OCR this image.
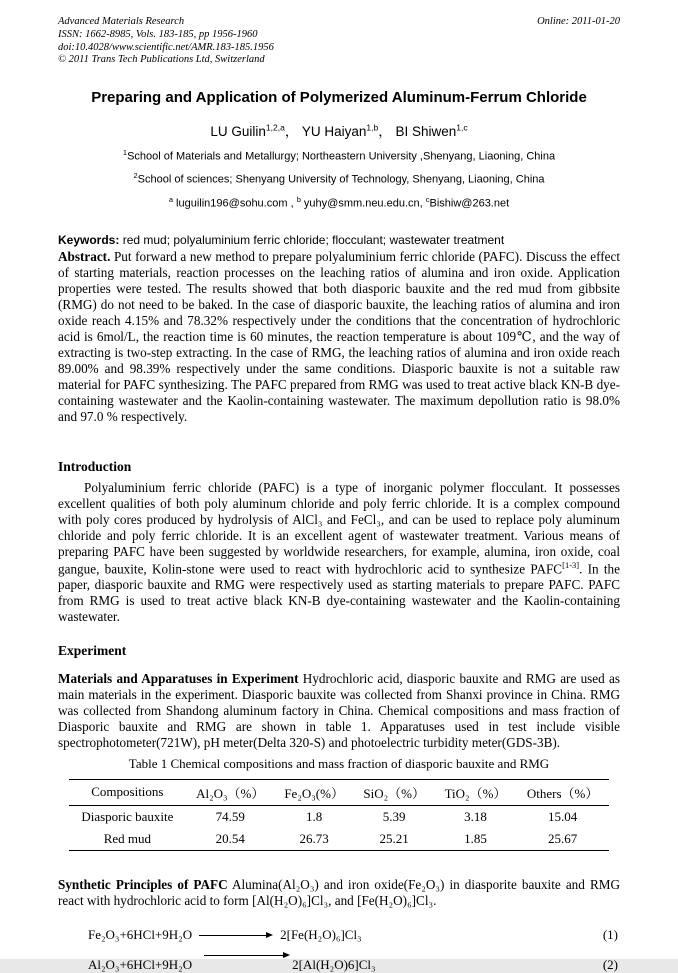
Advanced Materials Research
ISSN: 1662-8985, Vols. 183-185, pp 1956-1960
doi:10.4028/www.scientific.net/AMR.183-185.1956
© 2011 Trans Tech Publications Ltd, Switzerland
Online: 2011-01-20
Preparing and Application of Polymerized Aluminum-Ferrum Chloride
LU Guilin$^{1,2,a}$， YU Haiyan$^{1,b}$， BI Shiwen$^{1,c}$
$^1$School of Materials and Metallurgy; Northeastern University ,Shenyang, Liaoning, China
$^2$School of sciences; Shenyang University of Technology, Shenyang, Liaoning, China
$^a$ luguilin196@sohu.com , $^b$ yuhy@smm.neu.edu.cn, $^c$Bishiw@263.net
Keywords: red mud; polyaluminium ferric chloride; flocculant; wastewater treatment

Abstract. Put forward a new method to prepare polyaluminium ferric chloride (PAFC). Discuss the effect of starting materials, reaction processes on the leaching ratios of alumina and iron oxide. Application properties were tested. The results showed that both diasporic bauxite and the red mud from gibbsite (RMG) do not need to be baked. In the case of diasporic bauxite, the leaching ratios of alumina and iron oxide reach 4.15% and 78.32% respectively under the conditions that the concentration of hydrochloric acid is 6mol/L, the reaction time is 60 minutes, the reaction temperature is about 109℃, and the way of extracting is two-step extracting. In the case of RMG, the leaching ratios of alumina and iron oxide reach 89.00% and 98.39% respectively under the same conditions. Diasporic bauxite is not a suitable raw material for PAFC synthesizing. The PAFC prepared from RMG was used to treat active black KN-B dye-containing wastewater and the Kaolin-containing wastewater. The maximum depollution ratio is 98.0% and 97.0 % respectively.

Introduction

Polyaluminium ferric chloride (PAFC) is a type of inorganic polymer flocculant. It possesses excellent qualities of both poly aluminum chloride and poly ferric chloride. It is a complex compound with poly cores produced by hydrolysis of AlCl₃ and FeCl₃, and can be used to replace poly aluminum chloride and poly ferric chloride. It is an excellent agent of wastewater treatment. Various means of preparing PAFC have been suggested by worldwide researchers, for example, alumina, iron oxide, coal gangue, bauxite, Kolin-stone were used to react with hydrochloric acid to synthesize PAFC[1-3]. In the paper, diasporic bauxite and RMG were respectively used as starting materials to prepare PAFC. PAFC from RMG is used to treat active black KN-B dye-containing wastewater and the Kaolin-containing wastewater.

Experiment

Materials and Apparatuses in Experiment Hydrochloric acid, diasporic bauxite and RMG are used as main materials in the experiment. Diasporic bauxite was collected from Shanxi province in China. RMG was collected from Shandong aluminum factory in China. Chemical compositions and mass fraction of Diasporic bauxite and RMG are shown in table 1. Apparatuses used in test include visible spectrophotometer(721W), pH meter(Delta 320-S) and photoelectric turbidity meter(GDS-3B).

Table 1 Chemical compositions and mass fraction of diasporic bauxite and RMG
Compositions	Al₂O₃（%）	Fe₂O₃(%）	SiO₂（%）	TiO₂（%）	Others（%）
Diasporic bauxite	74.59	1.8	5.39	3.18	15.04
Red mud	20.54	26.73	25.21	1.85	25.67

Synthetic Principles of PAFC Alumina(Al₂O₃) and iron oxide(Fe₂O₃) in diasporite bauxite and RMG react with hydrochloric acid to form [Al(H₂O)₆]Cl₃, and [Fe(H₂O)₆]Cl₃.

Fe₂O₃+6HCl+9H₂O	2[Fe(H₂O)₆]Cl₃	(1)
Al₂O₃+6HCl+9H₂O	2[Al(H₂O)6]Cl₃	(2)
